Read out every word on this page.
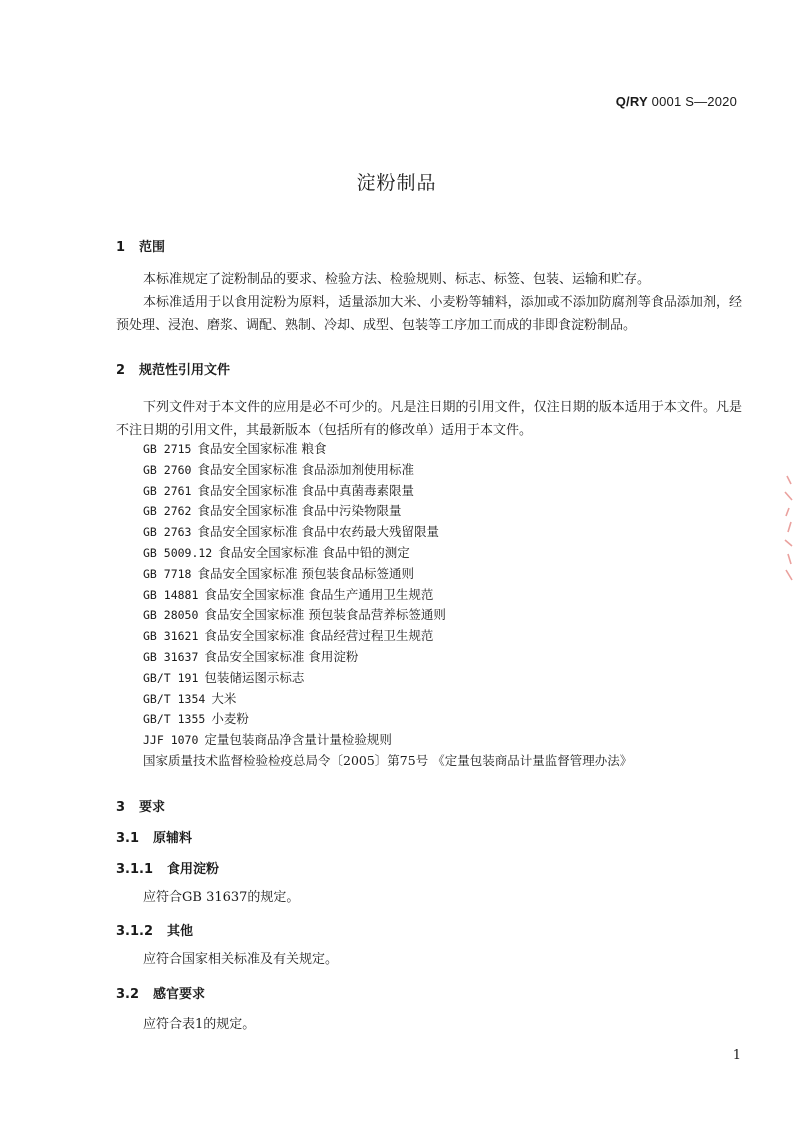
Q/RY 0001 S—2020
淀粉制品
1 范围

本标准规定了淀粉制品的要求、检验方法、检验规则、标志、标签、包装、运输和贮存。

本标准适用于以食用淀粉为原料，适量添加大米、小麦粉等辅料，添加或不添加防腐剂等食品添加剂，经预处理、浸泡、磨浆、调配、熟制、冷却、成型、包装等工序加工而成的非即食淀粉制品。

2 规范性引用文件

下列文件对于本文件的应用是必不可少的。凡是注日期的引用文件，仅注日期的版本适用于本文件。凡是不注日期的引用文件，其最新版本（包括所有的修改单）适用于本文件。

GB 2715 食品安全国家标准 粮食
GB 2760 食品安全国家标准 食品添加剂使用标准
GB 2761 食品安全国家标准 食品中真菌毒素限量
GB 2762 食品安全国家标准 食品中污染物限量
GB 2763 食品安全国家标准 食品中农药最大残留限量
GB 5009.12 食品安全国家标准 食品中铅的测定
GB 7718 食品安全国家标准 预包装食品标签通则
GB 14881 食品安全国家标准 食品生产通用卫生规范
GB 28050 食品安全国家标准 预包装食品营养标签通则
GB 31621 食品安全国家标准 食品经营过程卫生规范
GB 31637 食品安全国家标准 食用淀粉
GB/T 191 包装储运图示标志
GB/T 1354 大米
GB/T 1355 小麦粉
JJF 1070 定量包装商品净含量计量检验规则
国家质量技术监督检验检疫总局令〔2005〕第75号 《定量包装商品计量监督管理办法》
3 要求
3.1 原辅料
3.1.1 食用淀粉

应符合GB 31637的规定。

3.1.2 其他

应符合国家相关标准及有关规定。

3.2 感官要求

应符合表1的规定。

1
